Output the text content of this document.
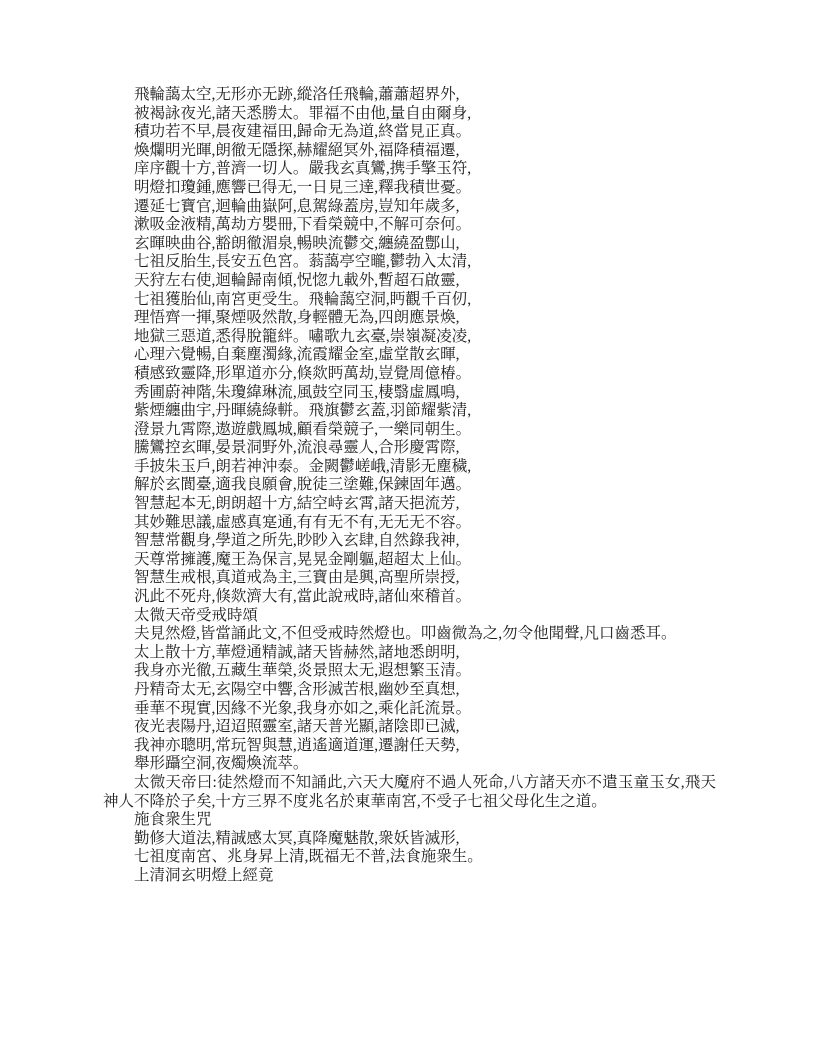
飛輪藹太空,无形亦无跡,縱洛任飛輪,蕭蕭超界外,

被褐詠夜光,諸天悉勝太。罪福不由他,量自由爾身,

積功若不早,晨夜建福田,歸命无為道,終當見正真。

煥爛明光暉,朗徹无隱探,赫耀絕冥外,福降積福遷,

庠序觀十方,普濟一切人。嚴我玄真鸞,携手擎玉符,

明燈扣瓊鍾,應響已得无,一日見三達,釋我積世憂。

遷延七寶官,迴輪曲嶽阿,息駕綠蓋房,豈知年歲多,

漱吸金液精,萬劫方嬰冊,下看榮競中,不解可奈何。

玄暉映曲谷,豁朗徹湄泉,暢映流鬱交,纏繞盈鄷山,

七祖反胎生,長安五色宮。蓊藹亭空曨,鬱勃入太清,

天狩左右使,迴輪歸南傾,怳惚九載外,暫超石啟靈,

七祖獲胎仙,南宮更受生。飛輪藹空洞,眄觀千百仞,

理悟齊一揮,聚煙吸然散,身輕體无為,四朗應景煥,

地獄三惡道,悉得脫籠絆。嘯歌九玄臺,崇嶺凝凌凌,

心理六覺暢,自棄塵濁緣,流霞耀金室,虛堂散玄暉,

積感致靈降,形單道亦分,倏欻眄萬劫,豈覺周億椿。

秀圃蔚神階,朱瓊緯琳流,風鼓空同玉,棲翳虛鳳鳴,

紫煙纏曲宇,丹暉繞綠軿。飛旗鬱玄蓋,羽節耀紫清,

澄景九霄際,遨遊戲鳳城,顧看榮競子,一樂同朝生。

騰鸞控玄暉,晏景洞野外,流浪尋靈人,合形慶霄際,

手披朱玉戶,朗若神沖泰。金闕鬱嵯峨,清影无塵穢,

解於玄閬臺,適我良願會,脫徒三塗難,保鍊固年邁。

智慧起本无,朗朗超十方,結空峙玄霄,諸天挹流芳,

其妙難思議,虛感真寔通,有有无不有,无无无不容。

智慧常觀身,學道之所先,眇眇入玄肆,自然錄我神,

天尊常擁護,魔王為保言,晃晃金剛軀,超超太上仙。

智慧生戒根,真道戒為主,三寶由是興,高聖所崇授,

汎此不死舟,倏欻濟大有,當此說戒時,諸仙來稽首。

太微天帝受戒時頌

夫見然燈,皆當誦此文,不但受戒時然燈也。叩齒微為之,勿令他聞聲,凡口齒悉耳。

太上散十方,華燈通精誠,諸天皆赫然,諸地悉朗明,

我身亦光徹,五藏生華榮,炎景照太无,遐想繁玉清。

丹精奇太无,玄陽空中響,含形滅苦根,幽妙至真想,

垂華不現實,因緣不光象,我身亦如之,乘化託流景。

夜光表陽丹,迢迢照靈室,諸天普光顯,諸陰即已滅,

我神亦聰明,常玩智與慧,逍遙適道運,遷謝任天勢,

舉形躡空洞,夜燭煥流萃。

太微天帝曰:徒然燈而不知誦此,六天大魔府不過人死命,八方諸天亦不遣玉童玉女,飛天神人不降於子矣,十方三界不度兆名於東華南宮,不受子七祖父母化生之道。

施食衆生咒

勤修大道法,精誠感太冥,真降魔魅散,衆妖皆滅形,

七祖度南宮、兆身昇上清,既福无不普,法食施衆生。

上清洞玄明燈上經竟
